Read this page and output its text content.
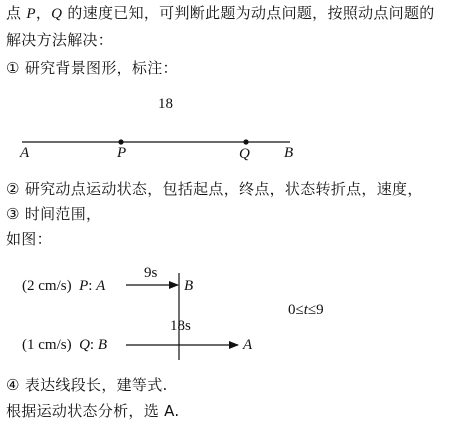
点 P，Q 的速度已知，可判断此题为动点问题，按照动点问题的
解决方法解决：
① 研究背景图形，标注：
18
A	P	Q B
② 研究动点运动状态，包括起点，终点，状态转折点，速度，
③ 时间范围，
如图：
9s
(2 cm/s) P: A	B
18s
(1 cm/s) Q: B	A
0≤t≤9
④ 表达线段长，建等式.
根据运动状态分析，选 A.
